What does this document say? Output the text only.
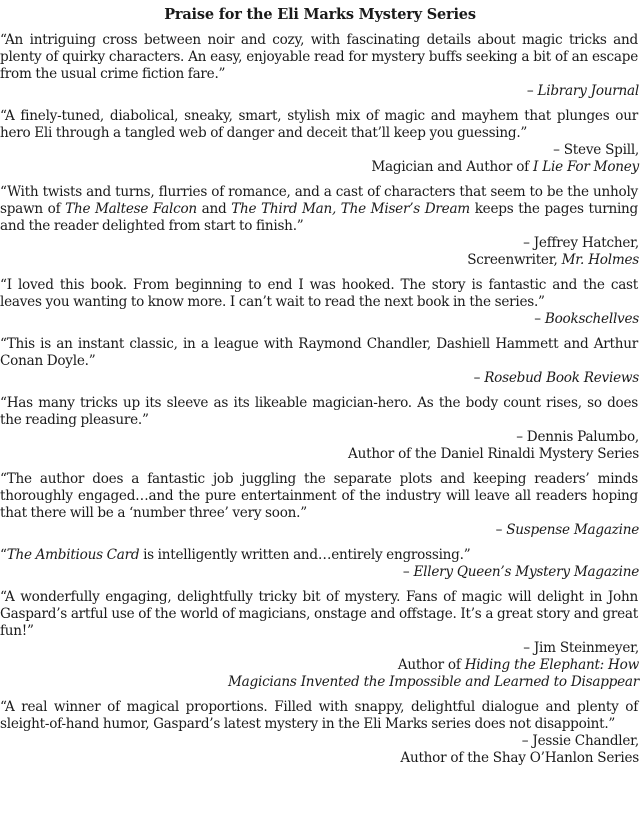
Praise for the Eli Marks Mystery Series
“An intriguing cross between noir and cozy, with fascinating details about magic tricks and plenty of quirky characters. An easy, enjoyable read for mystery buffs seeking a bit of an escape from the usual crime fiction fare.”
– Library Journal
“A finely-tuned, diabolical, sneaky, smart, stylish mix of magic and mayhem that plunges our hero Eli through a tangled web of danger and deceit that’ll keep you guessing.”
– Steve Spill,
Magician and Author of I Lie For Money
“With twists and turns, flurries of romance, and a cast of characters that seem to be the unholy spawn of The Maltese Falcon and The Third Man, The Miser’s Dream keeps the pages turning and the reader delighted from start to finish.”
– Jeffrey Hatcher,
Screenwriter, Mr. Holmes
“I loved this book. From beginning to end I was hooked. The story is fantastic and the cast leaves you wanting to know more. I can’t wait to read the next book in the series.”
– Bookschellves
“This is an instant classic, in a league with Raymond Chandler, Dashiell Hammett and Arthur Conan Doyle.”
– Rosebud Book Reviews
“Has many tricks up its sleeve as its likeable magician-hero. As the body count rises, so does the reading pleasure.”
– Dennis Palumbo,
Author of the Daniel Rinaldi Mystery Series
“The author does a fantastic job juggling the separate plots and keeping readers’ minds thoroughly engaged…and the pure entertainment of the industry will leave all readers hoping that there will be a ‘number three’ very soon.”
– Suspense Magazine
“The Ambitious Card is intelligently written and…entirely engrossing.”
– Ellery Queen’s Mystery Magazine
“A wonderfully engaging, delightfully tricky bit of mystery. Fans of magic will delight in John Gaspard’s artful use of the world of magicians, onstage and offstage. It’s a great story and great fun!”
– Jim Steinmeyer,
Author of Hiding the Elephant: How
Magicians Invented the Impossible and Learned to Disappear
“A real winner of magical proportions. Filled with snappy, delightful dialogue and plenty of sleight-of-hand humor, Gaspard’s latest mystery in the Eli Marks series does not disappoint.”
– Jessie Chandler,
Author of the Shay O’Hanlon Series
